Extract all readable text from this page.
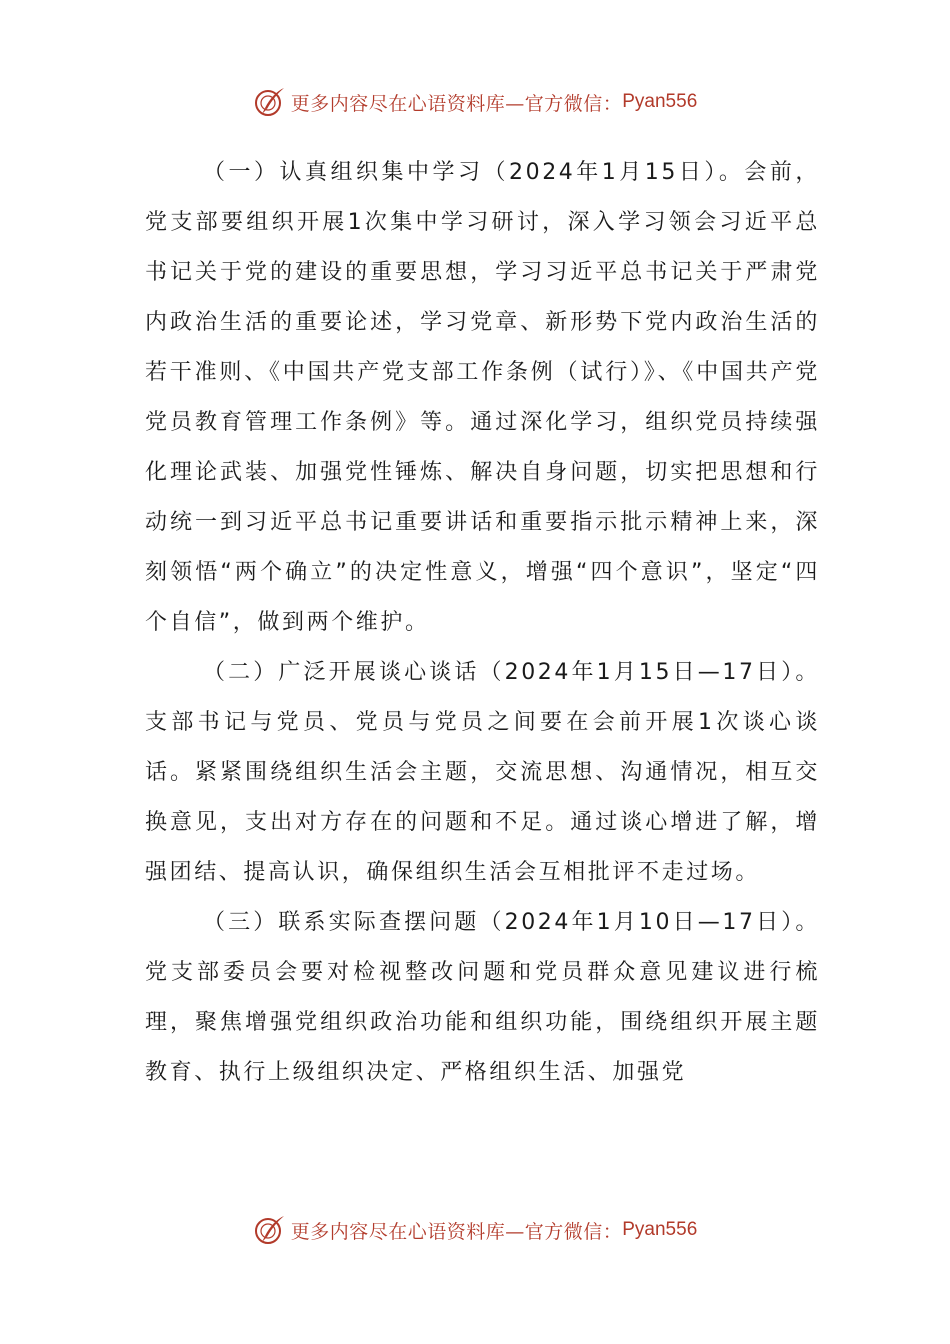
更多内容尽在心语资料库—官方微信： Pyan556

（一）认真组织集中学习（2024年1月15日）。会前，党支部要组织开展1次集中学习研讨，深入学习领会习近平总书记关于党的建设的重要思想，学习习近平总书记关于严肃党内政治生活的重要论述，学习党章、新形势下党内政治生活的若干准则、《中国共产党支部工作条例（试行）》、《中国共产党党员教育管理工作条例》等。通过深化学习，组织党员持续强化理论武装、加强党性锤炼、解决自身问题，切实把思想和行动统一到习近平总书记重要讲话和重要指示批示精神上来，深刻领悟“两个确立”的决定性意义，增强“四个意识”，坚定“四个自信”，做到两个维护。

（二）广泛开展谈心谈话（2024年1月15日—17日）。支部书记与党员、党员与党员之间要在会前开展1次谈心谈话。紧紧围绕组织生活会主题，交流思想、沟通情况，相互交换意见，支出对方存在的问题和不足。通过谈心增进了解，增强团结、提高认识，确保组织生活会互相批评不走过场。

（三）联系实际查摆问题（2024年1月10日—17日）。党支部委员会要对检视整改问题和党员群众意见建议进行梳理，聚焦增强党组织政治功能和组织功能，围绕组织开展主题教育、执行上级组织决定、严格组织生活、加强党

更多内容尽在心语资料库—官方微信： Pyan556
